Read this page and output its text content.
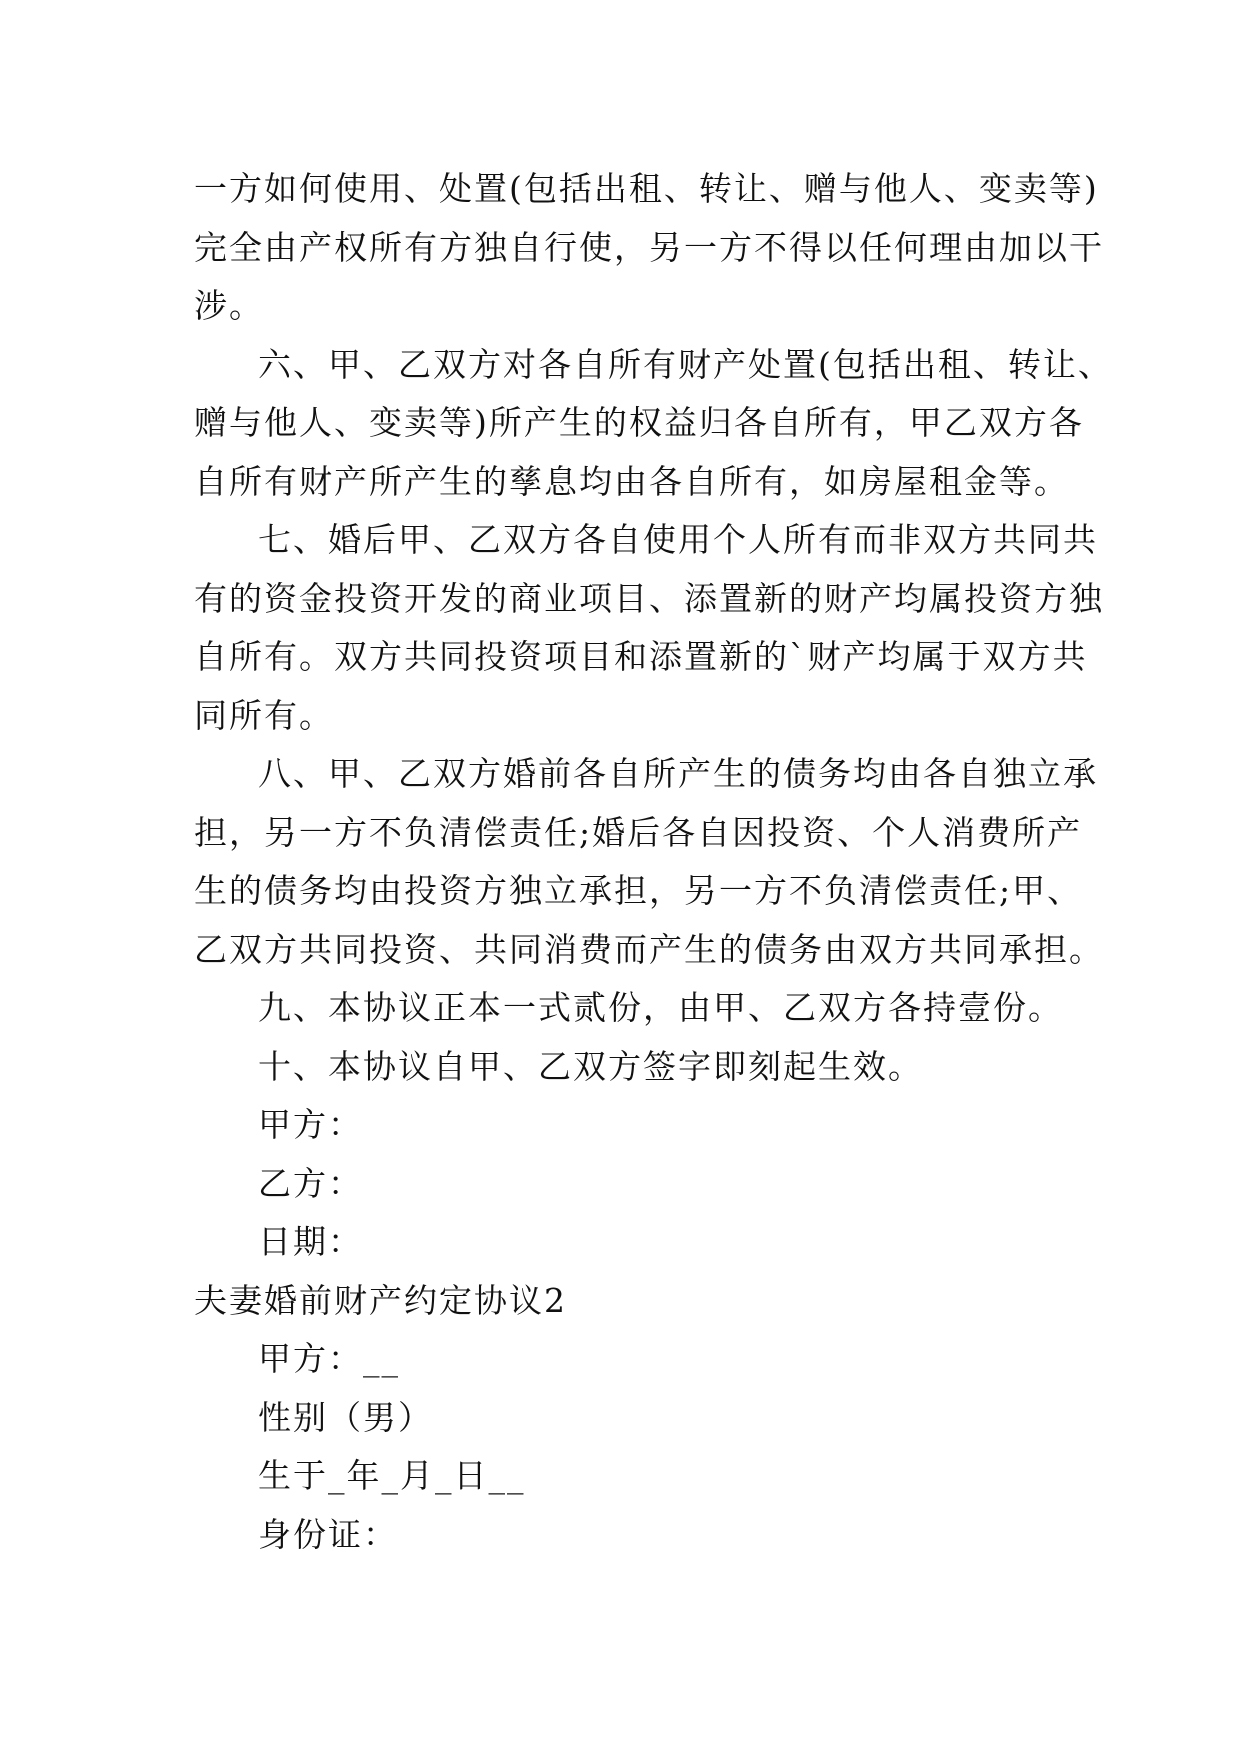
一方如何使用、处置(包括出租、转让、赠与他人、变卖等)
完全由产权所有方独自行使，另一方不得以任何理由加以干
涉。
六、甲、乙双方对各自所有财产处置(包括出租、转让、
赠与他人、变卖等)所产生的权益归各自所有，甲乙双方各
自所有财产所产生的孳息均由各自所有，如房屋租金等。
七、婚后甲、乙双方各自使用个人所有而非双方共同共
有的资金投资开发的商业项目、添置新的财产均属投资方独
自所有。双方共同投资项目和添置新的`财产均属于双方共
同所有。
八、甲、乙双方婚前各自所产生的债务均由各自独立承
担，另一方不负清偿责任;婚后各自因投资、个人消费所产
生的债务均由投资方独立承担，另一方不负清偿责任;甲、
乙双方共同投资、共同消费而产生的债务由双方共同承担。
九、本协议正本一式贰份，由甲、乙双方各持壹份。
十、本协议自甲、乙双方签字即刻起生效。
甲方：
乙方：
日期：
夫妻婚前财产约定协议2
甲方：__
性别（男）
生于_年_月_日__
身份证：
